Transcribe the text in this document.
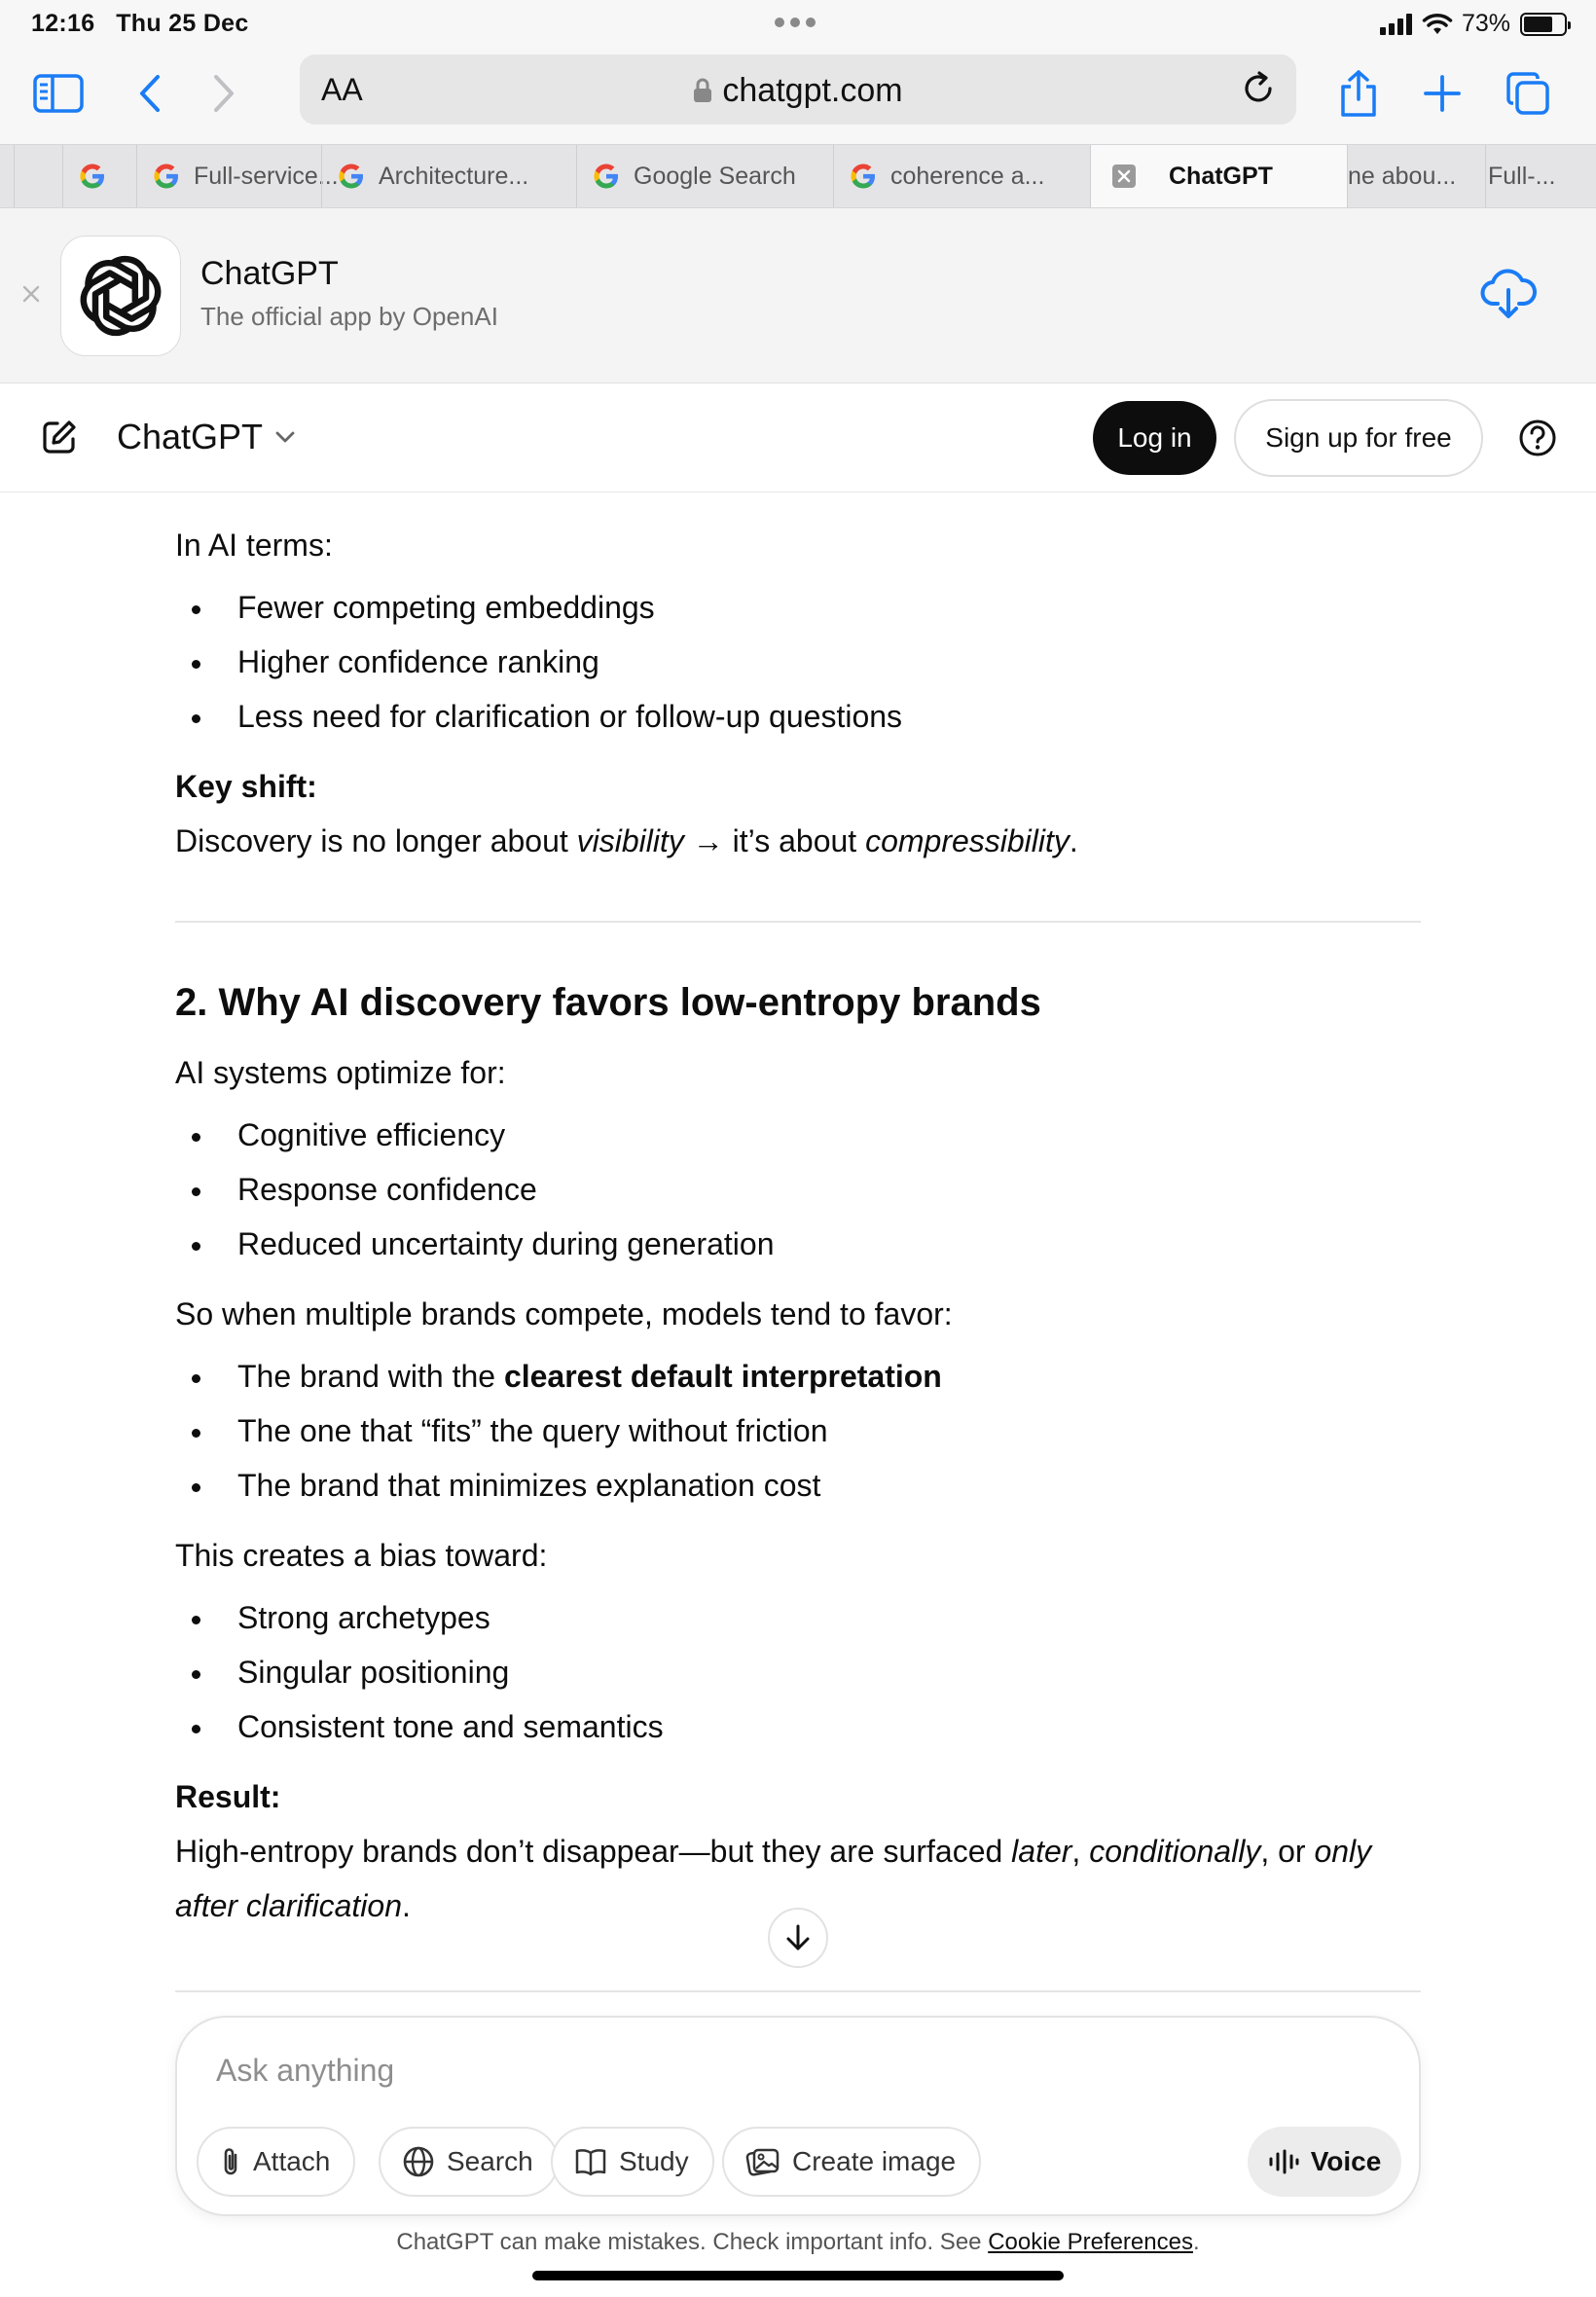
12:16 Thu 25 Dec	73%
AA	chatgpt.com
Full-service... Architecture...	Google Search	coherence a...	ChatGPT	ne abou... Full-...
ChatGPT
The official app by OpenAI
ChatGPT	Log in	Sign up for free

In AI terms:

Fewer competing embeddings
Higher confidence ranking
Less need for clarification or follow-up questions

Key shift:

Discovery is no longer about visibility → it’s about compressibility.

2. Why AI discovery favors low-entropy brands

AI systems optimize for:

Cognitive efficiency
Response confidence
Reduced uncertainty during generation

So when multiple brands compete, models tend to favor:

The brand with the clearest default interpretation
The one that “fits” the query without friction
The brand that minimizes explanation cost

This creates a bias toward:

Strong archetypes
Singular positioning
Consistent tone and semantics

Result:

High-entropy brands don’t disappear—but they are surfaced later, conditionally, or only after clarification.

Ask anything
Attach	Search	Study	Create image	Voice
ChatGPT can make mistakes. Check important info. See Cookie Preferences.
